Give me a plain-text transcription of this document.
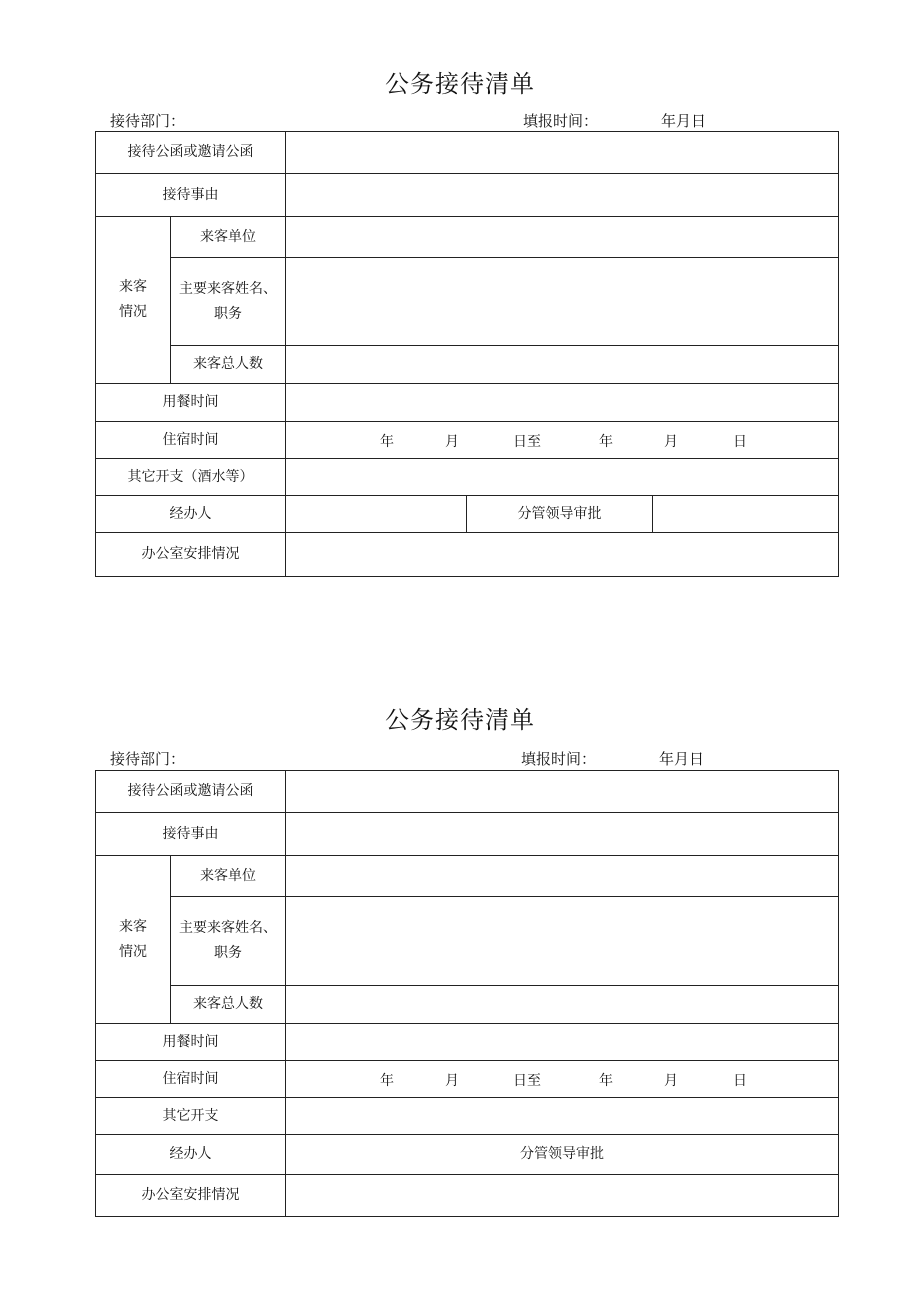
公务接待清单
接待部门：	填报时间：	年月日
接待公函或邀请公函
接待事由
来客
情况
来客单位
主要来客姓名、
职务
来客总人数
用餐时间
住宿时间	年	月	日至	年	月	日
其它开支（酒水等）
经办人	分管领导审批
办公室安排情况
公务接待清单
接待部门：	填报时间：	年月日
接待公函或邀请公函
接待事由
来客
情况
来客单位
主要来客姓名、
职务
来客总人数
用餐时间
住宿时间	年	月	日至	年	月	日
其它开支
经办人	分管领导审批
办公室安排情况
